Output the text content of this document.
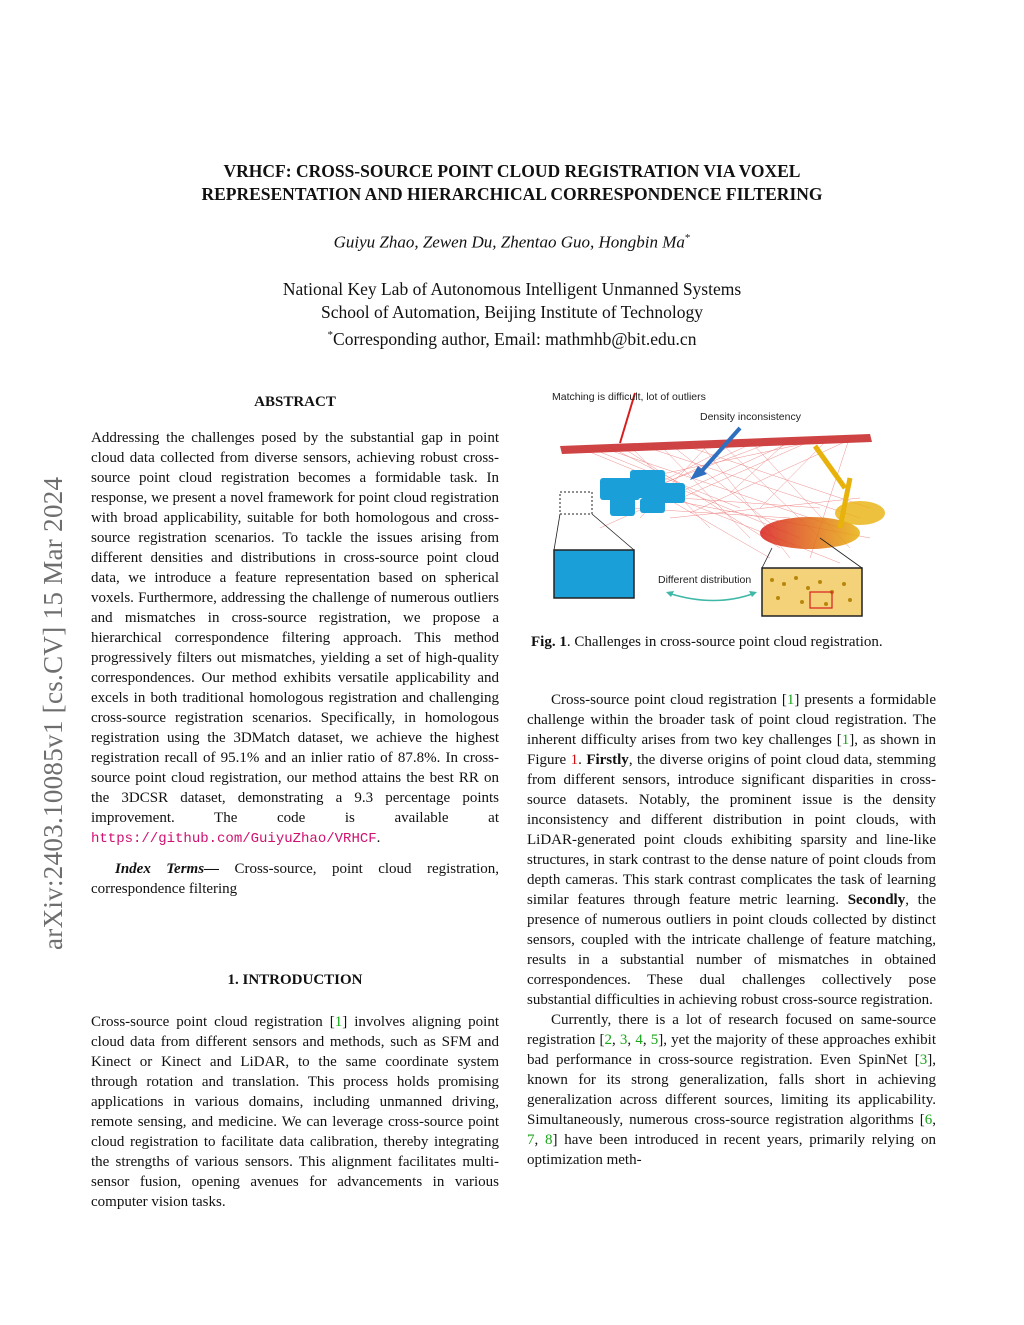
arXiv:2403.10085v1 [cs.CV] 15 Mar 2024
VRHCF: CROSS-SOURCE POINT CLOUD REGISTRATION VIA VOXEL
REPRESENTATION AND HIERARCHICAL CORRESPONDENCE FILTERING
Guiyu Zhao, Zewen Du, Zhentao Guo, Hongbin Ma*
National Key Lab of Autonomous Intelligent Unmanned Systems
School of Automation, Beijing Institute of Technology
*Corresponding author, Email: mathmhb@bit.edu.cn
ABSTRACT

Addressing the challenges posed by the substantial gap in point cloud data collected from diverse sensors, achieving robust cross-source point cloud registration becomes a formidable task. In response, we present a novel framework for point cloud registration with broad applicability, suitable for both homologous and cross-source registration scenarios. To tackle the issues arising from different densities and distributions in cross-source point cloud data, we introduce a feature representation based on spherical voxels. Furthermore, addressing the challenge of numerous outliers and mismatches in cross-source registration, we propose a hierarchical correspondence filtering approach. This method progressively filters out mismatches, yielding a set of high-quality correspondences. Our method exhibits versatile applicability and excels in both traditional homologous registration and challenging cross-source registration scenarios. Specifically, in homologous registration using the 3DMatch dataset, we achieve the highest registration recall of 95.1% and an inlier ratio of 87.8%. In cross-source point cloud registration, our method attains the best RR on the 3DCSR dataset, demonstrating a 9.3 percentage points improvement. The code is available at https://github.com/GuiyuZhao/VRHCF.

Index Terms— Cross-source, point cloud registration, correspondence filtering

1. INTRODUCTION

Cross-source point cloud registration [1] involves aligning point cloud data from different sensors and methods, such as SFM and Kinect or Kinect and LiDAR, to the same coordinate system through rotation and translation. This process holds promising applications in various domains, including unmanned driving, remote sensing, and medicine. We can leverage cross-source point cloud registration to facilitate data calibration, thereby integrating the strengths of various sensors. This alignment facilitates multi-sensor fusion, opening avenues for advancements in various computer vision tasks.

Matching is difficult, lot of outliers
Density inconsistency
Different distribution
Fig. 1. Challenges in cross-source point cloud registration.

Cross-source point cloud registration [1] presents a formidable challenge within the broader task of point cloud registration. The inherent difficulty arises from two key challenges [1], as shown in Figure 1. Firstly, the diverse origins of point cloud data, stemming from different sensors, introduce significant disparities in cross-source datasets. Notably, the prominent issue is the density inconsistency and different distribution in point clouds, with LiDAR-generated point clouds exhibiting sparsity and line-like structures, in stark contrast to the dense nature of point clouds from depth cameras. This stark contrast complicates the task of learning similar features through feature metric learning. Secondly, the presence of numerous outliers in point clouds collected by distinct sensors, coupled with the intricate challenge of feature matching, results in a substantial number of mismatches in obtained correspondences. These dual challenges collectively pose substantial difficulties in achieving robust cross-source registration.

Currently, there is a lot of research focused on same-source registration [2, 3, 4, 5], yet the majority of these approaches exhibit bad performance in cross-source registration. Even SpinNet [3], known for its strong generalization, falls short in achieving generalization across different sources, limiting its applicability. Simultaneously, numerous cross-source registration algorithms [6, 7, 8] have been introduced in recent years, primarily relying on optimization meth-
